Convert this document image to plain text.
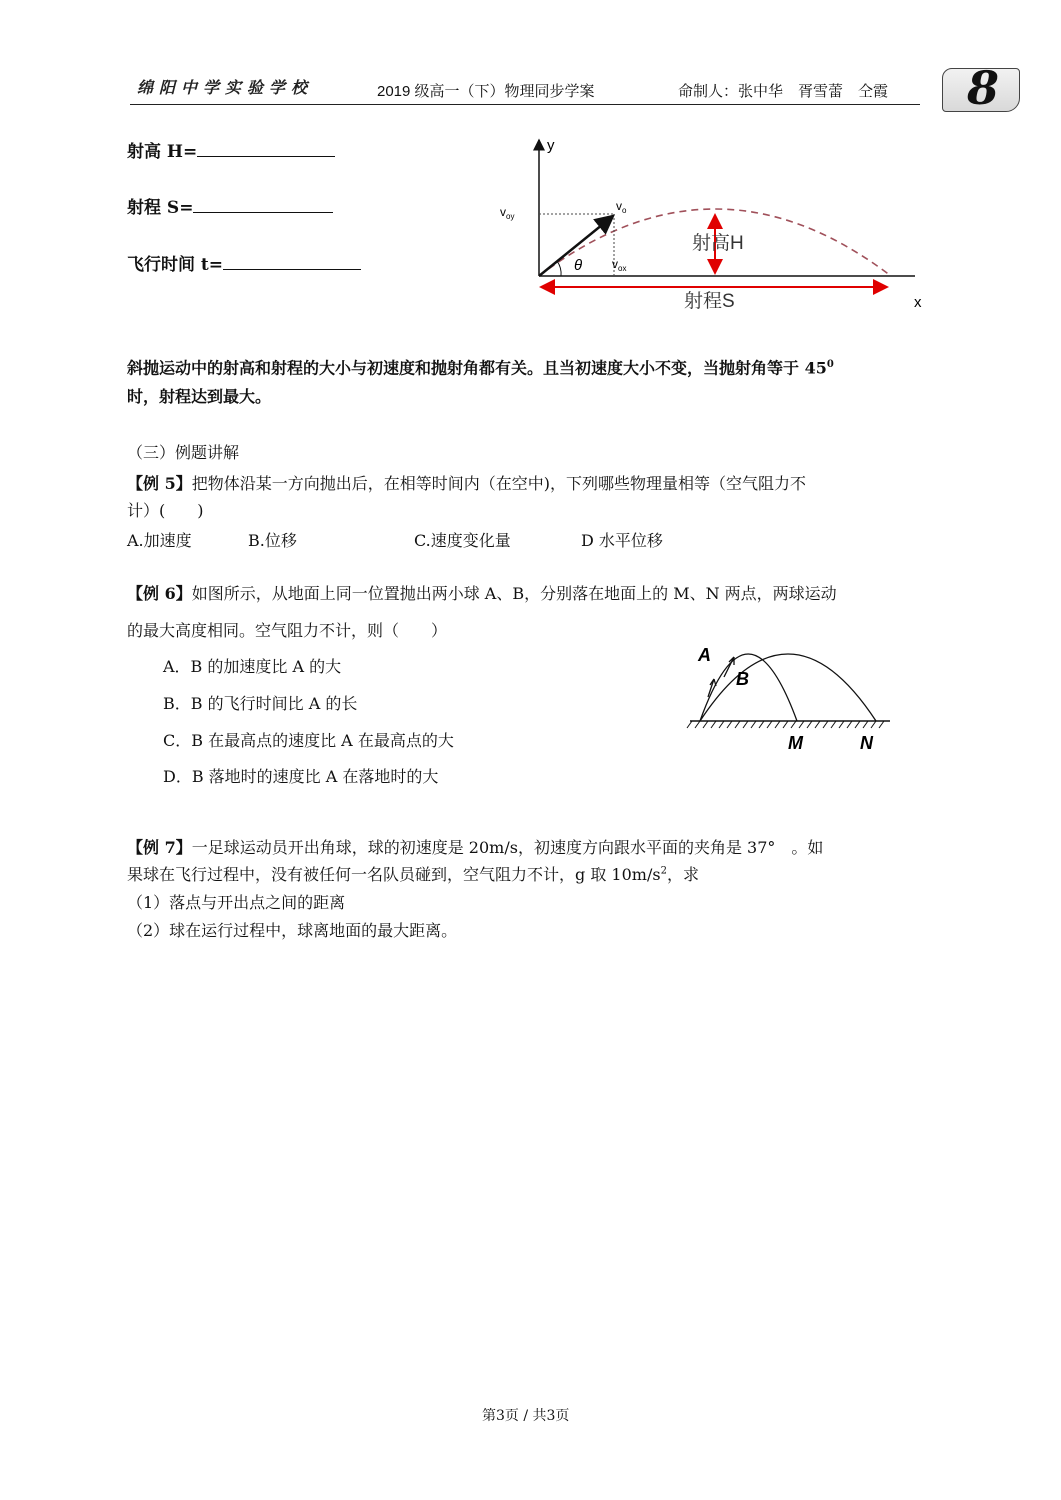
绵阳中学实验学校	2019 级高一（下）物理同步学案	命制人：张中华　胥雪蕾　仝霞 8
射高 H=
射程 S=
飞行时间 t=
y
x
θ
$v_{oy}$
$v_o$
$v_{ox}$
射高H
射程S
斜抛运动中的射高和射程的大小与初速度和抛射角都有关。且当初速度大小不变，当抛射角等于 $45^0$
时，射程达到最大。
（三）例题讲解
【例 5】把物体沿某一方向抛出后，在相等时间内（在空中)，下列哪些物理量相等（空气阻力不
计）(　　)
A.加速度	B.位移	C.速度变化量	D 水平位移
【例 6】如图所示，从地面上同一位置抛出两小球 A、B，分别落在地面上的 M、N 两点，两球运动
的最大高度相同。空气阻力不计，则（　　）
A．B 的加速度比 A 的大
B．B 的飞行时间比 A 的长
C．B 在最高点的速度比 A 在最高点的大
D．B 落地时的速度比 A 在落地时的大
A
B
M	N
【例 7】一足球运动员开出角球，球的初速度是 20m/s，初速度方向跟水平面的夹角是 37°　。如
果球在飞行过程中，没有被任何一名队员碰到，空气阻力不计，g 取 $10m/s^2$，求
（1）落点与开出点之间的距离
（2）球在运行过程中，球离地面的最大距离。
第3页 / 共3页
